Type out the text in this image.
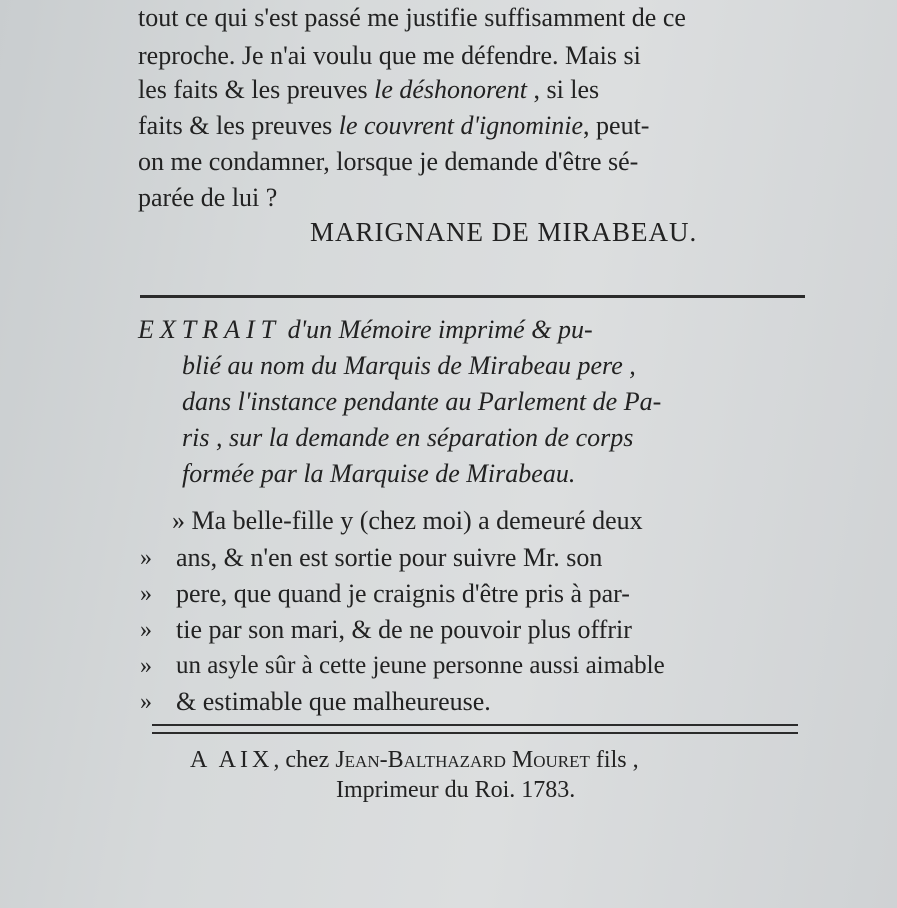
tout ce qui s'est passé me justifie suffisamment de ce
reproche. Je n'ai voulu que me défendre. Mais si
les faits & les preuves le déshonorent , si les
faits & les preuves le couvrent d'ignominie, peut-
on me condamner, lorsque je demande d'être sé-
parée de lui ?
MARIGNANE DE MIRABEAU.
EXTRAIT d'un Mémoire imprimé & pu-
blié au nom du Marquis de Mirabeau pere ,
dans l'instance pendante au Parlement de Pa-
ris , sur la demande en séparation de corps
formée par la Marquise de Mirabeau.
» Ma belle-fille y (chez moi) a demeuré deux
» ans, & n'en est sortie pour suivre Mr. son
» pere, que quand je craignis d'être pris à par-
» tie par son mari, & de ne pouvoir plus offrir
» un asyle sûr à cette jeune personne aussi aimable
» & estimable que malheureuse.
A AIX, chez Jean-Balthazard Mouret fils ,
Imprimeur du Roi. 1783.
